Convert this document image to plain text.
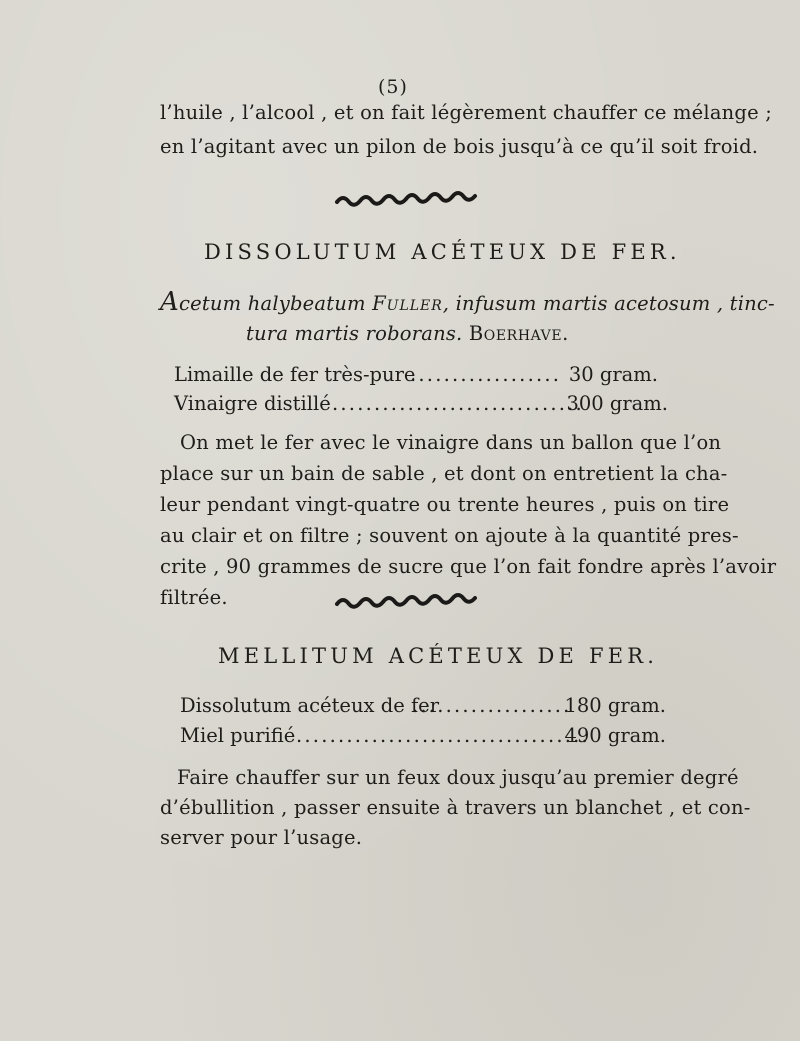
(5)
l’huile , l’alcool , et on fait légèrement chauffer ce mélange ;
en l’agitant avec un pilon de bois jusqu’à ce qu’il soit froid.
DISSOLUTUM ACÉTEUX DE FER.
Acetum halybeatum Fuller, infusum martis acetosum , tinc-
tura martis roborans. Boerhave.
Limaille de fer très-pure
.................. 30 gram.
Vinaigre distillé ..............................
300 gram.
On met le fer avec le vinaigre dans un ballon que l’on
place sur un bain de sable , et dont on entretient la cha-
leur pendant vingt-quatre ou trente heures , puis on tire
au clair et on filtre ; souvent on ajoute à la quantité pres-
crite , 90 grammes de sucre que l’on fait fondre après l’avoir
filtrée.
MELLITUM ACÉTEUX DE FER.
Dissolutum acéteux de fer
...................
180 gram.
Miel purifié ...................................
490 gram.
Faire chauffer sur un feux doux jusqu’au premier degré
d’ébullition , passer ensuite à travers un blanchet , et con-
server pour l’usage.
